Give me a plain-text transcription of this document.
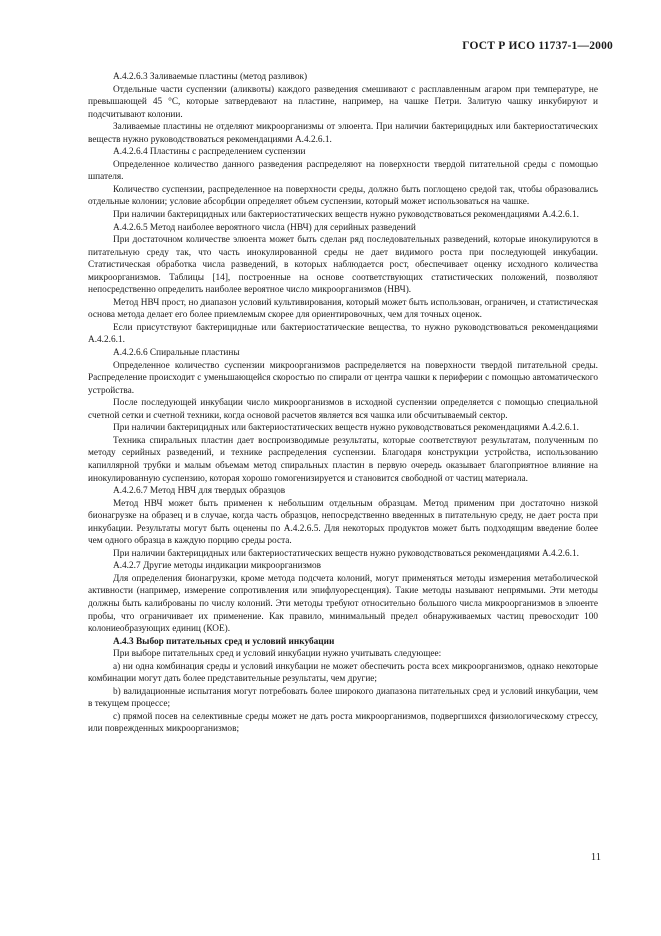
ГОСТ Р ИСО 11737-1—2000

А.4.2.6.3 Заливаемые пластины (метод разливок)

Отдельные части суспензии (аликвоты) каждого разведения смешивают с расплавленным агаром при температуре, не превышающей 45 °С, которые затвердевают на пластине, например, на чашке Петри. Залитую чашку инкубируют и подсчитывают колонии.

Заливаемые пластины не отделяют микроорганизмы от элюента. При наличии бактерицидных или бактериостатических веществ нужно руководствоваться рекомендациями А.4.2.6.1.

А.4.2.6.4 Пластины с распределением суспензии

Определенное количество данного разведения распределяют на поверхности твердой питательной среды с помощью шпателя.

Количество суспензии, распределенное на поверхности среды, должно быть поглощено средой так, чтобы образовались отдельные колонии; условие абсорбции определяет объем суспензии, который может использоваться на чашке.

При наличии бактерицидных или бактериостатических веществ нужно руководствоваться рекомендациями А.4.2.6.1.

А.4.2.6.5 Метод наиболее вероятного числа (НВЧ) для серийных разведений

При достаточном количестве элюента может быть сделан ряд последовательных разведений, которые инокулируются в питательную среду так, что часть инокулированной среды не дает видимого роста при последующей инкубации. Статистическая обработка числа разведений, в которых наблюдается рост, обеспечивает оценку исходного количества микроорганизмов. Таблицы [14], построенные на основе соответствующих статистических положений, позволяют непосредственно определить наиболее вероятное число микроорганизмов (НВЧ).

Метод НВЧ прост, но диапазон условий культивирования, который может быть использован, ограничен, и статистическая основа метода делает его более приемлемым скорее для ориентировочных, чем для точных оценок.

Если присутствуют бактерицидные или бактериостатические вещества, то нужно руководствоваться рекомендациями А.4.2.6.1.

А.4.2.6.6 Спиральные пластины

Определенное количество суспензии микроорганизмов распределяется на поверхности твердой питательной среды. Распределение происходит с уменьшающейся скоростью по спирали от центра чашки к периферии с помощью автоматического устройства.

После последующей инкубации число микроорганизмов в исходной суспензии определяется с помощью специальной счетной сетки и счетной техники, когда основой расчетов является вся чашка или обсчитываемый сектор.

При наличии бактерицидных или бактериостатических веществ нужно руководствоваться рекомендациями А.4.2.6.1.

Техника спиральных пластин дает воспроизводимые результаты, которые соответствуют результатам, полученным по методу серийных разведений, и технике распределения суспензии. Благодаря конструкции устройства, использованию капиллярной трубки и малым объемам метод спиральных пластин в первую очередь оказывает благоприятное влияние на инокулированную суспензию, которая хорошо гомогенизируется и становится свободной от частиц материала.

А.4.2.6.7 Метод НВЧ для твердых образцов

Метод НВЧ может быть применен к небольшим отдельным образцам. Метод применим при достаточно низкой бионагрузке на образец и в случае, когда часть образцов, непосредственно введенных в питательную среду, не дает роста при инкубации. Результаты могут быть оценены по А.4.2.6.5. Для некоторых продуктов может быть подходящим введение более чем одного образца в каждую порцию среды роста.

При наличии бактерицидных или бактериостатических веществ нужно руководствоваться рекомендациями А.4.2.6.1.

А.4.2.7 Другие методы индикации микроорганизмов

Для определения бионагрузки, кроме метода подсчета колоний, могут применяться методы измерения метаболической активности (например, измерение сопротивления или эпифлуоресценция). Такие методы называют непрямыми. Эти методы должны быть калиброваны по числу колоний. Эти методы требуют относительно большого числа микроорганизмов в элюенте пробы, что ограничивает их применение. Как правило, минимальный предел обнаруживаемых частиц превосходит 100 колониеобразующих единиц (КОЕ).

А.4.3 Выбор питательных сред и условий инкубации

При выборе питательных сред и условий инкубации нужно учитывать следующее:

а) ни одна комбинация среды и условий инкубации не может обеспечить роста всех микроорганизмов, однако некоторые комбинации могут дать более представительные результаты, чем другие;

b) валидационные испытания могут потребовать более широкого диапазона питательных сред и условий инкубации, чем в текущем процессе;

с) прямой посев на селективные среды может не дать роста микроорганизмов, подвергшихся физиологическому стрессу, или поврежденных микроорганизмов;

11
